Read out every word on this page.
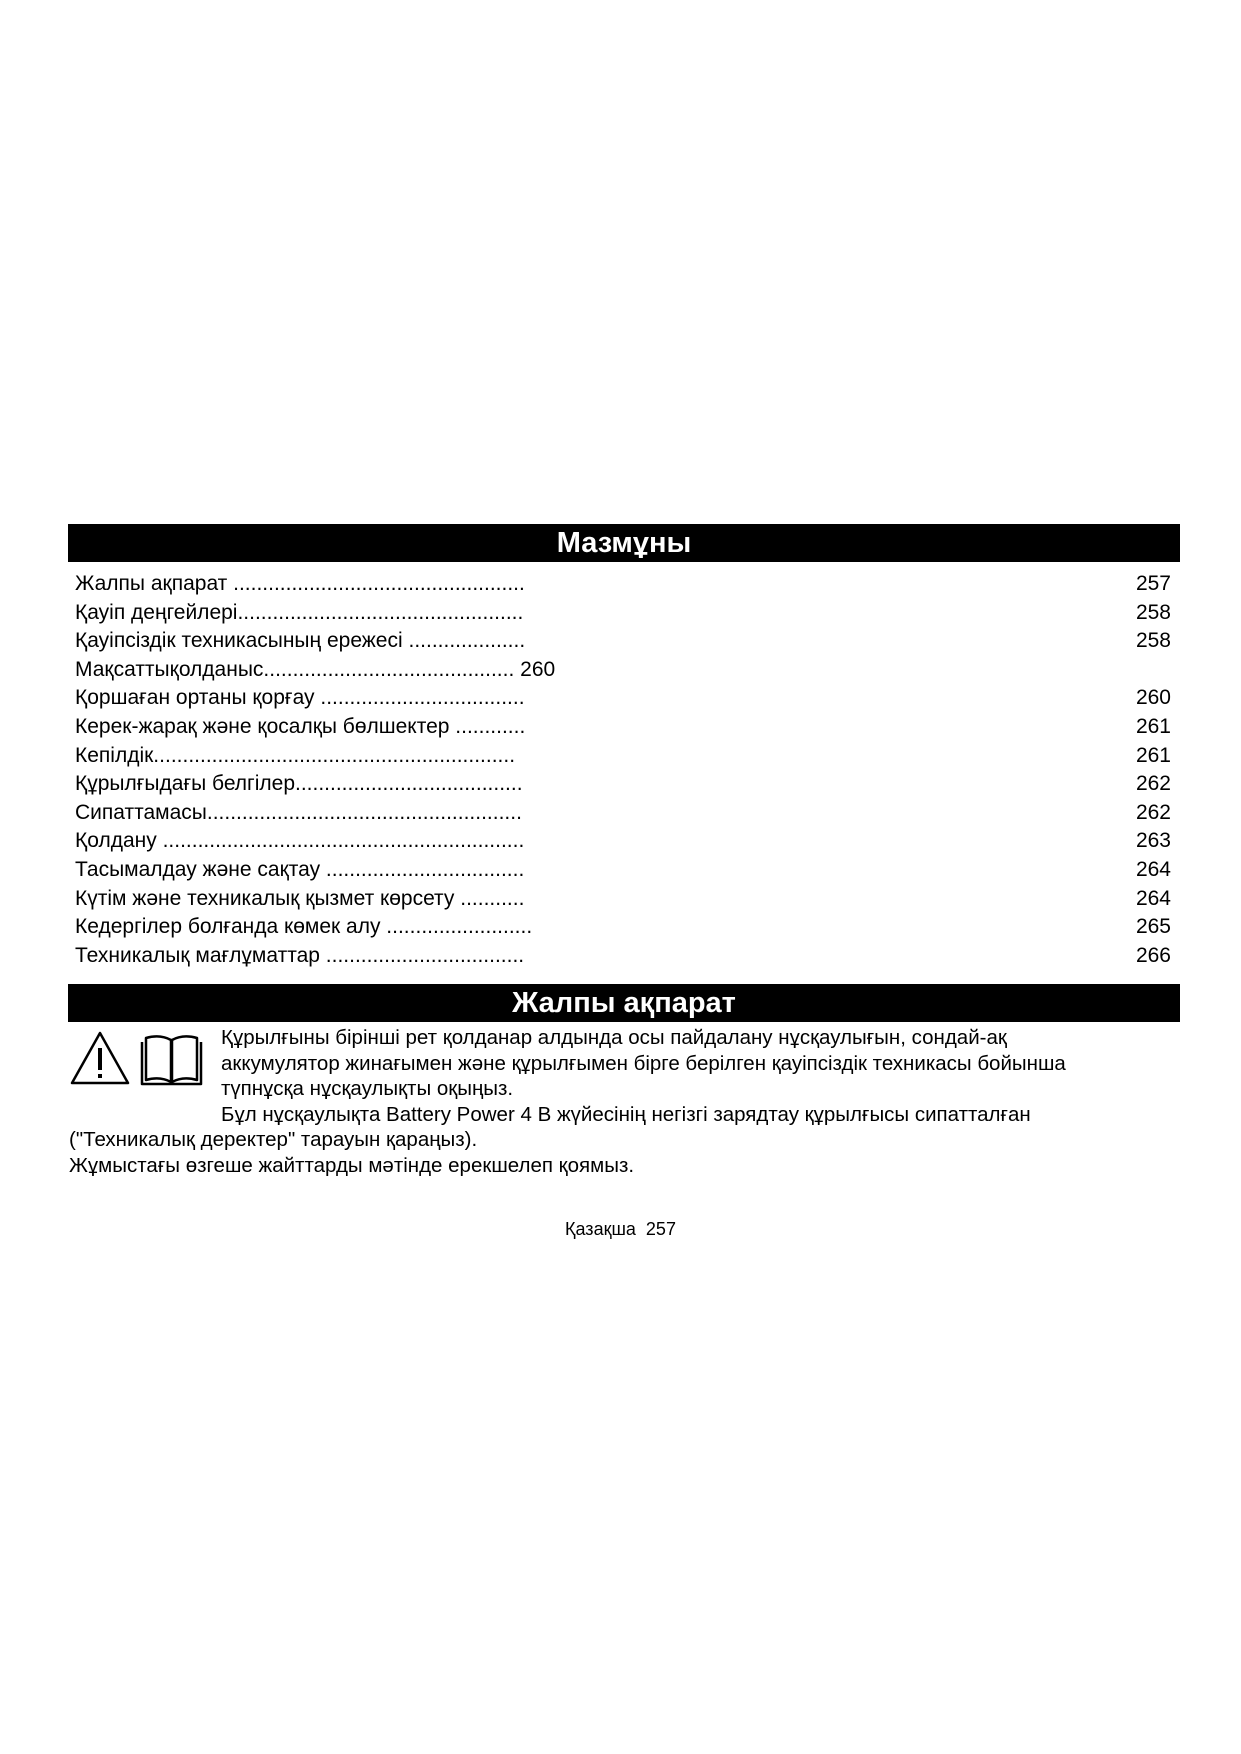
Мазмұны
Жалпы ақпарат ..................................................	257
Қауіп деңгейлері.................................................	258
Қауіпсіздік техникасының ережесі ....................	258
Мақсаттықолданыс........................................... 260
Қоршаған ортаны қорғау ...................................	260
Керек-жарақ және қосалқы бөлшектер ............	261
Кепілдік..............................................................	261
Құрылғыдағы белгілер.......................................	262
Сипаттамасы......................................................	262
Қолдану ..............................................................	263
Тасымалдау және сақтау ..................................	264
Күтім және техникалық қызмет көрсету ...........	264
Кедергілер болғанда көмек алу .........................	265
Техникалық мағлұматтар ..................................	266
Жалпы ақпарат
Құрылғыны бірінші рет қолданар алдында осы пайдалану нұсқаулығын, сондай-ақ
аккумулятор жинағымен және құрылғымен бірге берілген қауіпсіздік техникасы бойынша
түпнұсқа нұсқаулықты оқыңыз.
Бұл нұсқаулықта Battery Power 4 В жүйесінің негізгі зарядтау құрылғысы сипатталған
("Техникалық деректер" тарауын қараңыз).
Жұмыстағы өзгеше жайттарды мәтінде ерекшелеп қоямыз.
Қазақша 257
